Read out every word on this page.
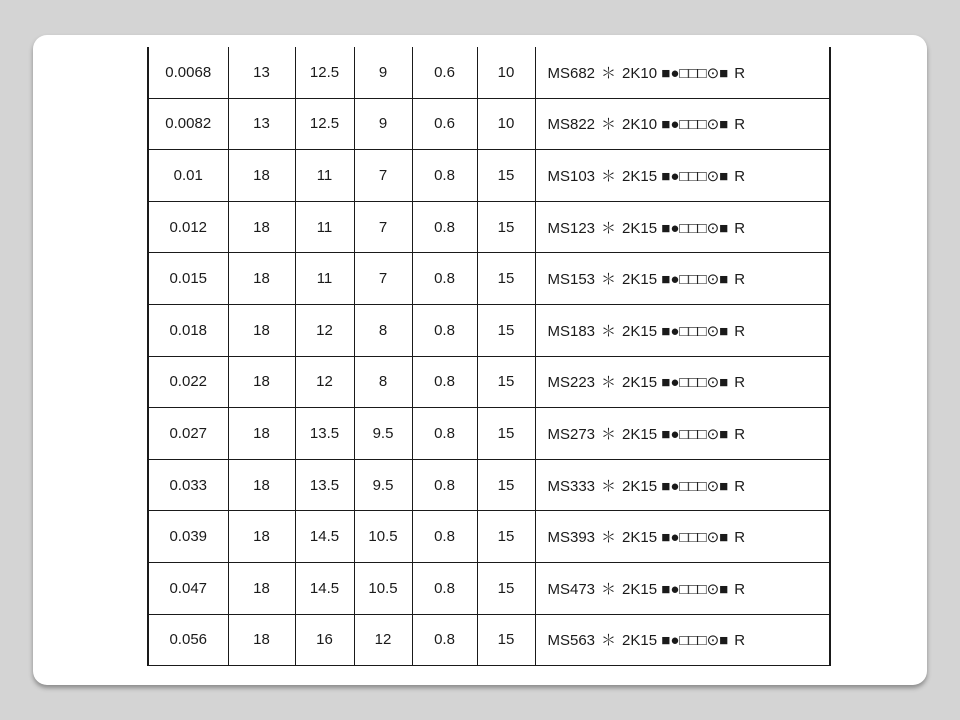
0.0068	13	12.5	9	0.6	10	MS682 ＊ 2K10 ■●□□□⊙■ R
0.0082	13	12.5	9	0.6	10	MS822 ＊ 2K10 ■●□□□⊙■ R
0.01	18	11	7	0.8	15	MS103 ＊ 2K15 ■●□□□⊙■ R
0.012	18	11	7	0.8	15	MS123 ＊ 2K15 ■●□□□⊙■ R
0.015	18	11	7	0.8	15	MS153 ＊ 2K15 ■●□□□⊙■ R
0.018	18	12	8	0.8	15	MS183 ＊ 2K15 ■●□□□⊙■ R
0.022	18	12	8	0.8	15	MS223 ＊ 2K15 ■●□□□⊙■ R
0.027	18	13.5	9.5	0.8	15	MS273 ＊ 2K15 ■●□□□⊙■ R
0.033	18	13.5	9.5	0.8	15	MS333 ＊ 2K15 ■●□□□⊙■ R
0.039	18	14.5	10.5	0.8	15	MS393 ＊ 2K15 ■●□□□⊙■ R
0.047	18	14.5	10.5	0.8	15	MS473 ＊ 2K15 ■●□□□⊙■ R
0.056	18	16	12	0.8	15	MS563 ＊ 2K15 ■●□□□⊙■ R
